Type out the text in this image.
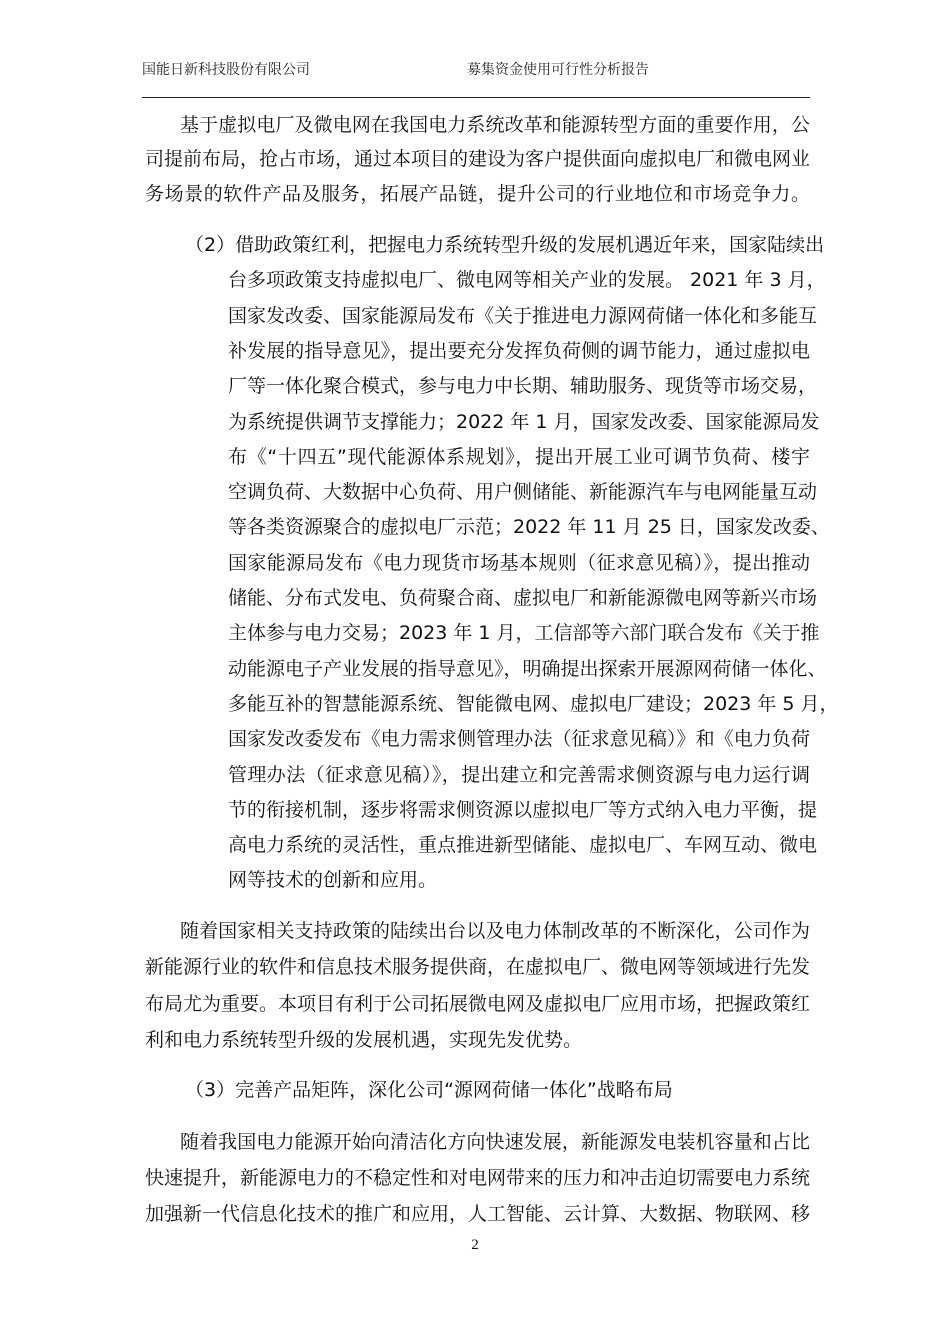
国能日新科技股份有限公司	募集资金使用可行性分析报告
基于虚拟电厂及微电网在我国电力系统改革和能源转型方面的重要作用，公
司提前布局，抢占市场，通过本项目的建设为客户提供面向虚拟电厂和微电网业
务场景的软件产品及服务，拓展产品链，提升公司的行业地位和市场竞争力。
（2）借助政策红利，把握电力系统转型升级的发展机遇近年来，国家陆续出
台多项政策支持虚拟电厂、微电网等相关产业的发展。 2021 年 3 月，
国家发改委、国家能源局发布《关于推进电力源网荷储一体化和多能互
补发展的指导意见》，提出要充分发挥负荷侧的调节能力，通过虚拟电
厂等一体化聚合模式，参与电力中长期、辅助服务、现货等市场交易，
为系统提供调节支撑能力；2022 年 1 月，国家发改委、国家能源局发
布《“十四五”现代能源体系规划》，提出开展工业可调节负荷、楼宇
空调负荷、大数据中心负荷、用户侧储能、新能源汽车与电网能量互动
等各类资源聚合的虚拟电厂示范；2022 年 11 月 25 日，国家发改委、
国家能源局发布《电力现货市场基本规则（征求意见稿）》，提出推动
储能、分布式发电、负荷聚合商、虚拟电厂和新能源微电网等新兴市场
主体参与电力交易；2023 年 1 月，工信部等六部门联合发布《关于推
动能源电子产业发展的指导意见》，明确提出探索开展源网荷储一体化、
多能互补的智慧能源系统、智能微电网、虚拟电厂建设；2023 年 5 月，
国家发改委发布《电力需求侧管理办法（征求意见稿）》和《电力负荷
管理办法（征求意见稿）》，提出建立和完善需求侧资源与电力运行调
节的衔接机制，逐步将需求侧资源以虚拟电厂等方式纳入电力平衡，提
高电力系统的灵活性，重点推进新型储能、虚拟电厂、车网互动、微电
网等技术的创新和应用。
随着国家相关支持政策的陆续出台以及电力体制改革的不断深化，公司作为
新能源行业的软件和信息技术服务提供商，在虚拟电厂、微电网等领域进行先发
布局尤为重要。本项目有利于公司拓展微电网及虚拟电厂应用市场，把握政策红
利和电力系统转型升级的发展机遇，实现先发优势。
（3）完善产品矩阵，深化公司“源网荷储一体化”战略布局
随着我国电力能源开始向清洁化方向快速发展，新能源发电装机容量和占比
快速提升，新能源电力的不稳定性和对电网带来的压力和冲击迫切需要电力系统
加强新一代信息化技术的推广和应用，人工智能、云计算、大数据、物联网、移
2
